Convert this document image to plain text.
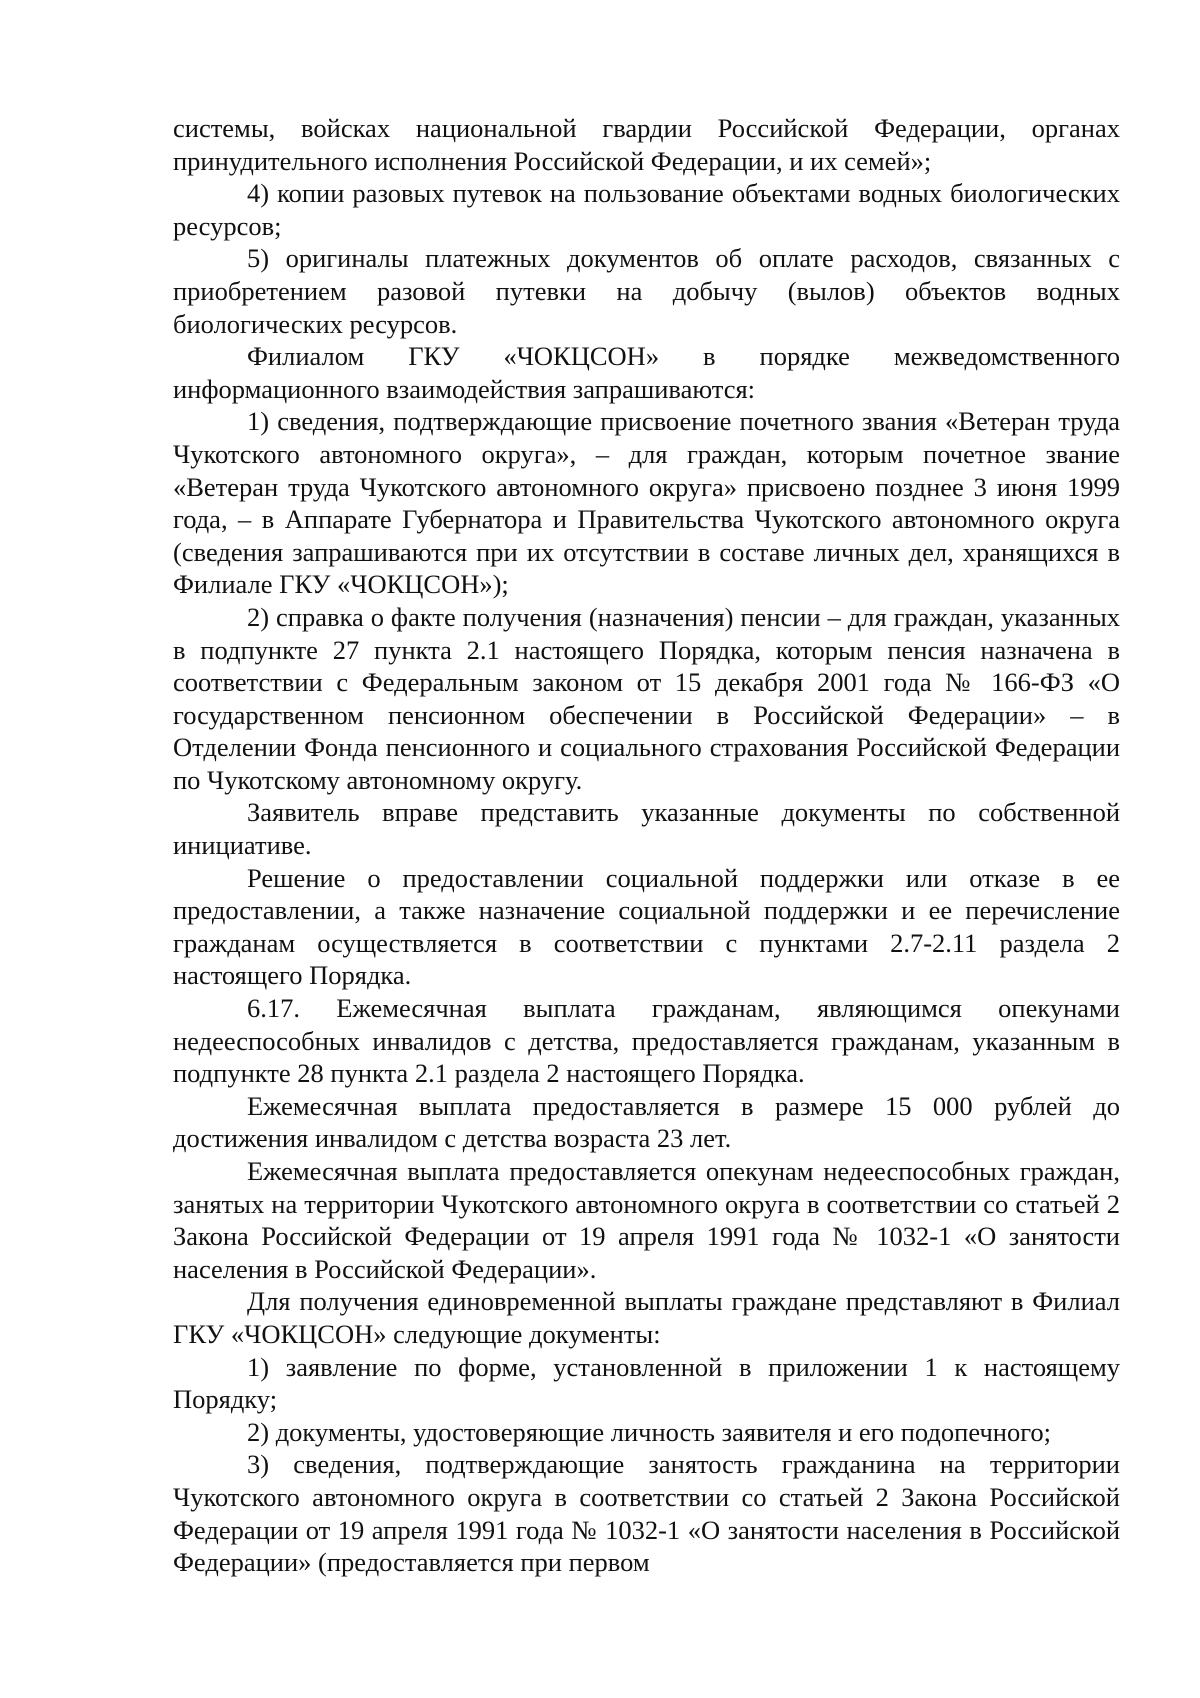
системы, войсках национальной гвардии Российской Федерации, органах принудительного исполнения Российской Федерации, и их семей»;

4) копии разовых путевок на пользование объектами водных биологических ресурсов;

5) оригиналы платежных документов об оплате расходов, связанных с приобретением разовой путевки на добычу (вылов) объектов водных биологических ресурсов.

Филиалом ГКУ «ЧОКЦСОН» в порядке межведомственного информационного взаимодействия запрашиваются:

1) сведения, подтверждающие присвоение почетного звания «Ветеран труда Чукотского автономного округа», – для граждан, которым почетное звание «Ветеран труда Чукотского автономного округа» присвоено позднее 3 июня 1999 года, – в Аппарате Губернатора и Правительства Чукотского автономного округа (сведения запрашиваются при их отсутствии в составе личных дел, хранящихся в Филиале ГКУ «ЧОКЦСОН»);

2) справка о факте получения (назначения) пенсии – для граждан, указанных в подпункте 27 пункта 2.1 настоящего Порядка, которым пенсия назначена в соответствии с Федеральным законом от 15 декабря 2001 года № 166-ФЗ «О государственном пенсионном обеспечении в Российской Федерации» – в Отделении Фонда пенсионного и социального страхования Российской Федерации по Чукотскому автономному округу.

Заявитель вправе представить указанные документы по собственной инициативе.

Решение о предоставлении социальной поддержки или отказе в ее предоставлении, а также назначение социальной поддержки и ее перечисление гражданам осуществляется в соответствии с пунктами 2.7-2.11 раздела 2 настоящего Порядка.

6.17. Ежемесячная выплата гражданам, являющимся опекунами недееспособных инвалидов с детства, предоставляется гражданам, указанным в подпункте 28 пункта 2.1 раздела 2 настоящего Порядка.

Ежемесячная выплата предоставляется в размере 15 000 рублей до достижения инвалидом с детства возраста 23 лет.

Ежемесячная выплата предоставляется опекунам недееспособных граждан, занятых на территории Чукотского автономного округа в соответствии со статьей 2 Закона Российской Федерации от 19 апреля 1991 года № 1032-1 «О занятости населения в Российской Федерации».

Для получения единовременной выплаты граждане представляют в Филиал ГКУ «ЧОКЦСОН» следующие документы:

1) заявление по форме, установленной в приложении 1 к настоящему Порядку;

2) документы, удостоверяющие личность заявителя и его подопечного;

3) сведения, подтверждающие занятость гражданина на территории Чукотского автономного округа в соответствии со статьей 2 Закона Российской Федерации от 19 апреля 1991 года № 1032-1 «О занятости населения в Российской Федерации» (предоставляется при первом
